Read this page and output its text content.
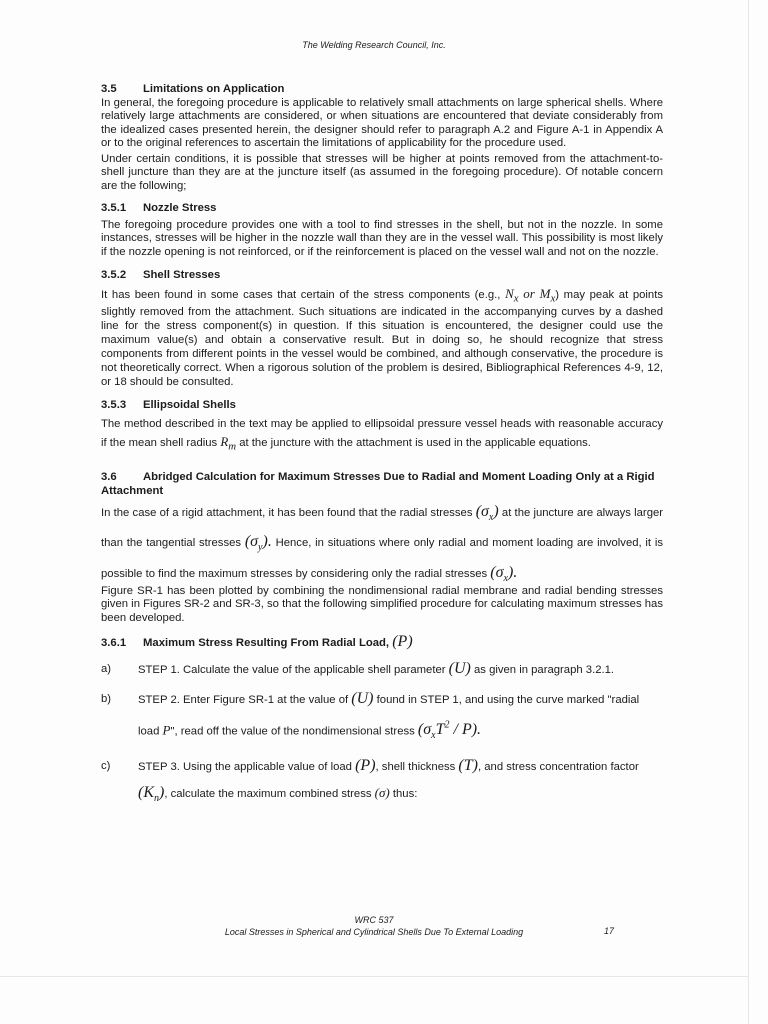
The Welding Research Council, Inc.

3.5 Limitations on Application

In general, the foregoing procedure is applicable to relatively small attachments on large spherical shells. Where relatively large attachments are considered, or when situations are encountered that deviate considerably from the idealized cases presented herein, the designer should refer to paragraph A.2 and Figure A-1 in Appendix A or to the original references to ascertain the limitations of applicability for the procedure used.

Under certain conditions, it is possible that stresses will be higher at points removed from the attachment-to-shell juncture than they are at the juncture itself (as assumed in the foregoing procedure). Of notable concern are the following;

3.5.1 Nozzle Stress

The foregoing procedure provides one with a tool to find stresses in the shell, but not in the nozzle. In some instances, stresses will be higher in the nozzle wall than they are in the vessel wall. This possibility is most likely if the nozzle opening is not reinforced, or if the reinforcement is placed on the vessel wall and not on the nozzle.

3.5.2 Shell Stresses

It has been found in some cases that certain of the stress components (e.g., $N_x$ or $M_x$) may peak at points slightly removed from the attachment. Such situations are indicated in the accompanying curves by a dashed line for the stress component(s) in question. If this situation is encountered, the designer could use the maximum value(s) and obtain a conservative result. But in doing so, he should recognize that stress components from different points in the vessel would be combined, and although conservative, the procedure is not theoretically correct. When a rigorous solution of the problem is desired, Bibliographical References 4-9, 12, or 18 should be consulted.

3.5.3 Ellipsoidal Shells

The method described in the text may be applied to ellipsoidal pressure vessel heads with reasonable accuracy if the mean shell radius $R_m$ at the juncture with the attachment is used in the applicable equations.

3.6 Abridged Calculation for Maximum Stresses Due to Radial and Moment Loading Only at a Rigid Attachment

In the case of a rigid attachment, it has been found that the radial stresses $(\sigma_x)$ at the juncture are always larger than the tangential stresses $(\sigma_y)$. Hence, in situations where only radial and moment loading are involved, it is possible to find the maximum stresses by considering only the radial stresses $(\sigma_x)$.

Figure SR-1 has been plotted by combining the nondimensional radial membrane and radial bending stresses given in Figures SR-2 and SR-3, so that the following simplified procedure for calculating maximum stresses has been developed.

3.6.1 Maximum Stress Resulting From Radial Load, (P)

a) STEP 1. Calculate the value of the applicable shell parameter (U) as given in paragraph 3.2.1.

b) STEP 2. Enter Figure SR-1 at the value of (U) found in STEP 1, and using the curve marked "radial load P", read off the value of the nondimensional stress $(\sigma_xT^2 / P)$.

c) STEP 3. Using the applicable value of load (P), shell thickness (T), and stress concentration factor $(K_n)$, calculate the maximum combined stress (σ) thus:

WRC 537
Local Stresses in Spherical and Cylindrical Shells Due To External Loading	17
